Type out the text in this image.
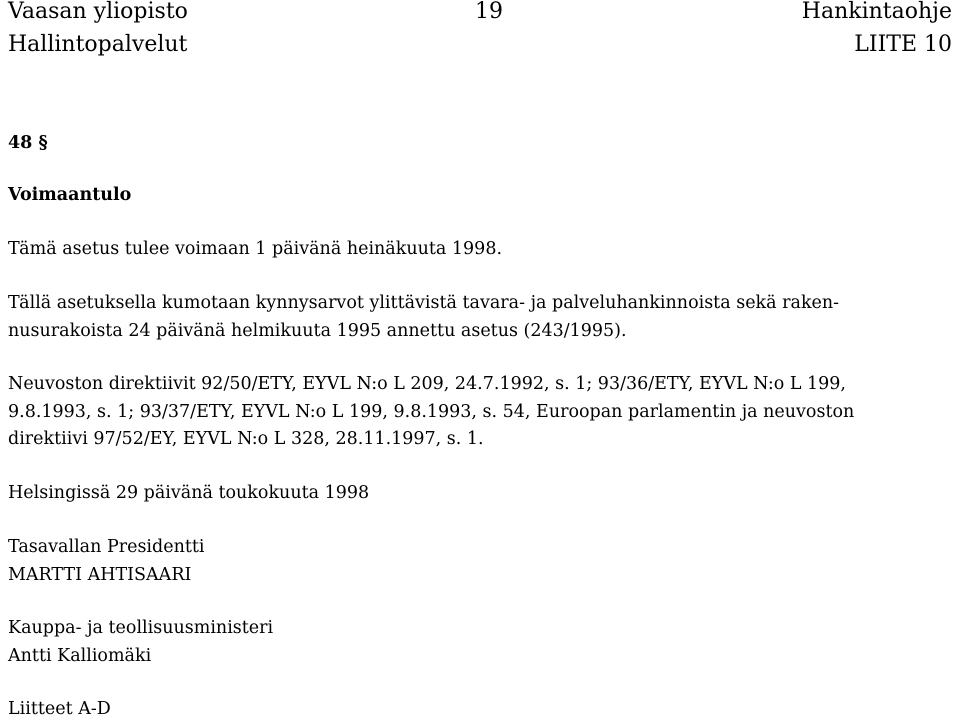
Vaasan yliopisto	19	Hankintaohje
Hallintopalvelut	LIITE 10
48 §
Voimaantulo
Tämä asetus tulee voimaan 1 päivänä heinäkuuta 1998.
Tällä asetuksella kumotaan kynnysarvot ylittävistä tavara- ja palveluhankinnoista sekä raken-
nusurakoista 24 päivänä helmikuuta 1995 annettu asetus (243/1995).
Neuvoston direktiivit 92/50/ETY, EYVL N:o L 209, 24.7.1992, s. 1; 93/36/ETY, EYVL N:o L 199,
9.8.1993, s. 1; 93/37/ETY, EYVL N:o L 199, 9.8.1993, s. 54, Euroopan parlamentin ja neuvoston
direktiivi 97/52/EY, EYVL N:o L 328, 28.11.1997, s. 1.
Helsingissä 29 päivänä toukokuuta 1998
Tasavallan Presidentti
MARTTI AHTISAARI
Kauppa- ja teollisuusministeri
Antti Kalliomäki
Liitteet A-D
